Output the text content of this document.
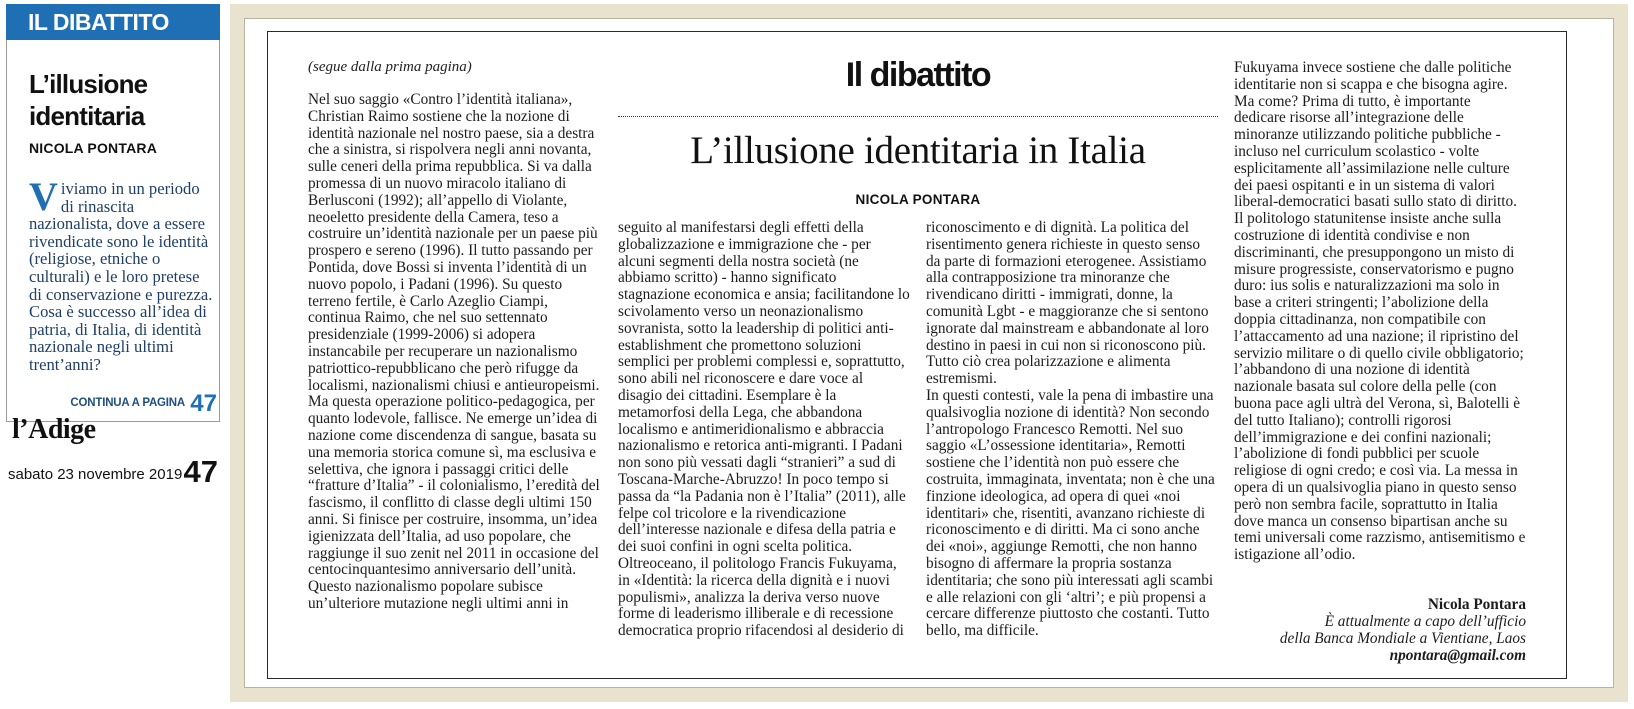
IL DIBATTITO
L’illusione identitaria
NICOLA PONTARA

Viviamo in un periodo di rinascita nazionalista, dove a essere rivendicate sono le identità (religiose, etniche o culturali) e le loro pretese di conservazione e purezza.

Cosa è successo all’idea di patria, di Italia, di identità nazionale negli ultimi trent’anni?

CONTINUA A PAGINA 47
l’Adige
sabato 23 novembre 2019 47
(segue dalla prima pagina)	Il dibattito
L’illusione identitaria in Italia
NICOLA PONTARA

Nel suo saggio «Contro l’identità italiana», Christian Raimo sostiene che la nozione di identità nazionale nel nostro paese, sia a destra che a sinistra, si rispolvera negli anni novanta, sulle ceneri della prima repubblica. Si va dalla promessa di un nuovo miracolo italiano di Berlusconi (1992); all’appello di Violante, neoeletto presidente della Camera, teso a costruire un’identità nazionale per un paese più prospero e sereno (1996). Il tutto passando per Pontida, dove Bossi si inventa l’identità di un nuovo popolo, i Padani (1996). Su questo terreno fertile, è Carlo Azeglio Ciampi, continua Raimo, che nel suo settennato presidenziale (1999-2006) si adopera instancabile per recuperare un nazionalismo patriottico-repubblicano che però rifugge da localismi, nazionalismi chiusi e antieuropeismi. Ma questa operazione politico-pedagogica, per quanto lodevole, fallisce. Ne emerge un’idea di nazione come discendenza di sangue, basata su una memoria storica comune sì, ma esclusiva e selettiva, che ignora i passaggi critici delle “fratture d’Italia” - il colonialismo, l’eredità del fascismo, il conflitto di classe degli ultimi 150 anni. Si finisce per costruire, insomma, un’idea igienizzata dell’Italia, ad uso popolare, che raggiunge il suo zenit nel 2011 in occasione del centocinquantesimo anniversario dell’unità.

Questo nazionalismo popolare subisce un’ulteriore mutazione negli ultimi anni in

seguito al manifestarsi degli effetti della globalizzazione e immigrazione che - per alcuni segmenti della nostra società (ne abbiamo scritto) - hanno significato stagnazione economica e ansia; facilitandone lo scivolamento verso un neonazionalismo sovranista, sotto la leadership di politici anti-establishment che promettono soluzioni semplici per problemi complessi e, soprattutto, sono abili nel riconoscere e dare voce al disagio dei cittadini. Esemplare è la metamorfosi della Lega, che abbandona localismo e antimeridionalismo e abbraccia nazionalismo e retorica anti-migranti. I Padani non sono più vessati dagli “stranieri” a sud di Toscana-Marche-Abruzzo! In poco tempo si passa da “la Padania non è l’Italia” (2011), alle felpe col tricolore e la rivendicazione dell’interesse nazionale e difesa della patria e dei suoi confini in ogni scelta politica.

Oltreoceano, il politologo Francis Fukuyama, in «Identità: la ricerca della dignità e i nuovi populismi», analizza la deriva verso nuove forme di leaderismo illiberale e di recessione democratica proprio rifacendosi al desiderio di

riconoscimento e di dignità. La politica del risentimento genera richieste in questo senso da parte di formazioni eterogenee. Assistiamo alla contrapposizione tra minoranze che rivendicano diritti - immigrati, donne, la comunità Lgbt - e maggioranze che si sentono ignorate dal mainstream e abbandonate al loro destino in paesi in cui non si riconoscono più. Tutto ciò crea polarizzazione e alimenta estremismi.

In questi contesti, vale la pena di imbastire una qualsivoglia nozione di identità? Non secondo l’antropologo Francesco Remotti. Nel suo saggio «L’ossessione identitaria», Remotti sostiene che l’identità non può essere che costruita, immaginata, inventata; non è che una finzione ideologica, ad opera di quei «noi identitari» che, risentiti, avanzano richieste di riconoscimento e di diritti. Ma ci sono anche dei «noi», aggiunge Remotti, che non hanno bisogno di affermare la propria sostanza identitaria; che sono più interessati agli scambi e alle relazioni con gli ‘altri’; e più propensi a cercare differenze piuttosto che costanti. Tutto bello, ma difficile.

Fukuyama invece sostiene che dalle politiche identitarie non si scappa e che bisogna agire. Ma come? Prima di tutto, è importante dedicare risorse all’integrazione delle minoranze utilizzando politiche pubbliche - incluso nel curriculum scolastico - volte esplicitamente all’assimilazione nelle culture dei paesi ospitanti e in un sistema di valori liberal-democratici basati sullo stato di diritto. Il politologo statunitense insiste anche sulla costruzione di identità condivise e non discriminanti, che presuppongono un misto di misure progressiste, conservatorismo e pugno duro: ius solis e naturalizzazioni ma solo in base a criteri stringenti; l’abolizione della doppia cittadinanza, non compatibile con l’attaccamento ad una nazione; il ripristino del servizio militare o di quello civile obbligatorio; l’abbandono di una nozione di identità nazionale basata sul colore della pelle (con buona pace agli ultrà del Verona, sì, Balotelli è del tutto Italiano); controlli rigorosi dell’immigrazione e dei confini nazionali; l’abolizione di fondi pubblici per scuole religiose di ogni credo; e così via. La messa in opera di un qualsivoglia piano in questo senso però non sembra facile, soprattutto in Italia dove manca un consenso bipartisan anche su temi universali come razzismo, antisemitismo e istigazione all’odio.

Nicola Pontara
È attualmente a capo dell’ufficio
della Banca Mondiale a Vientiane, Laos
npontara@gmail.com
